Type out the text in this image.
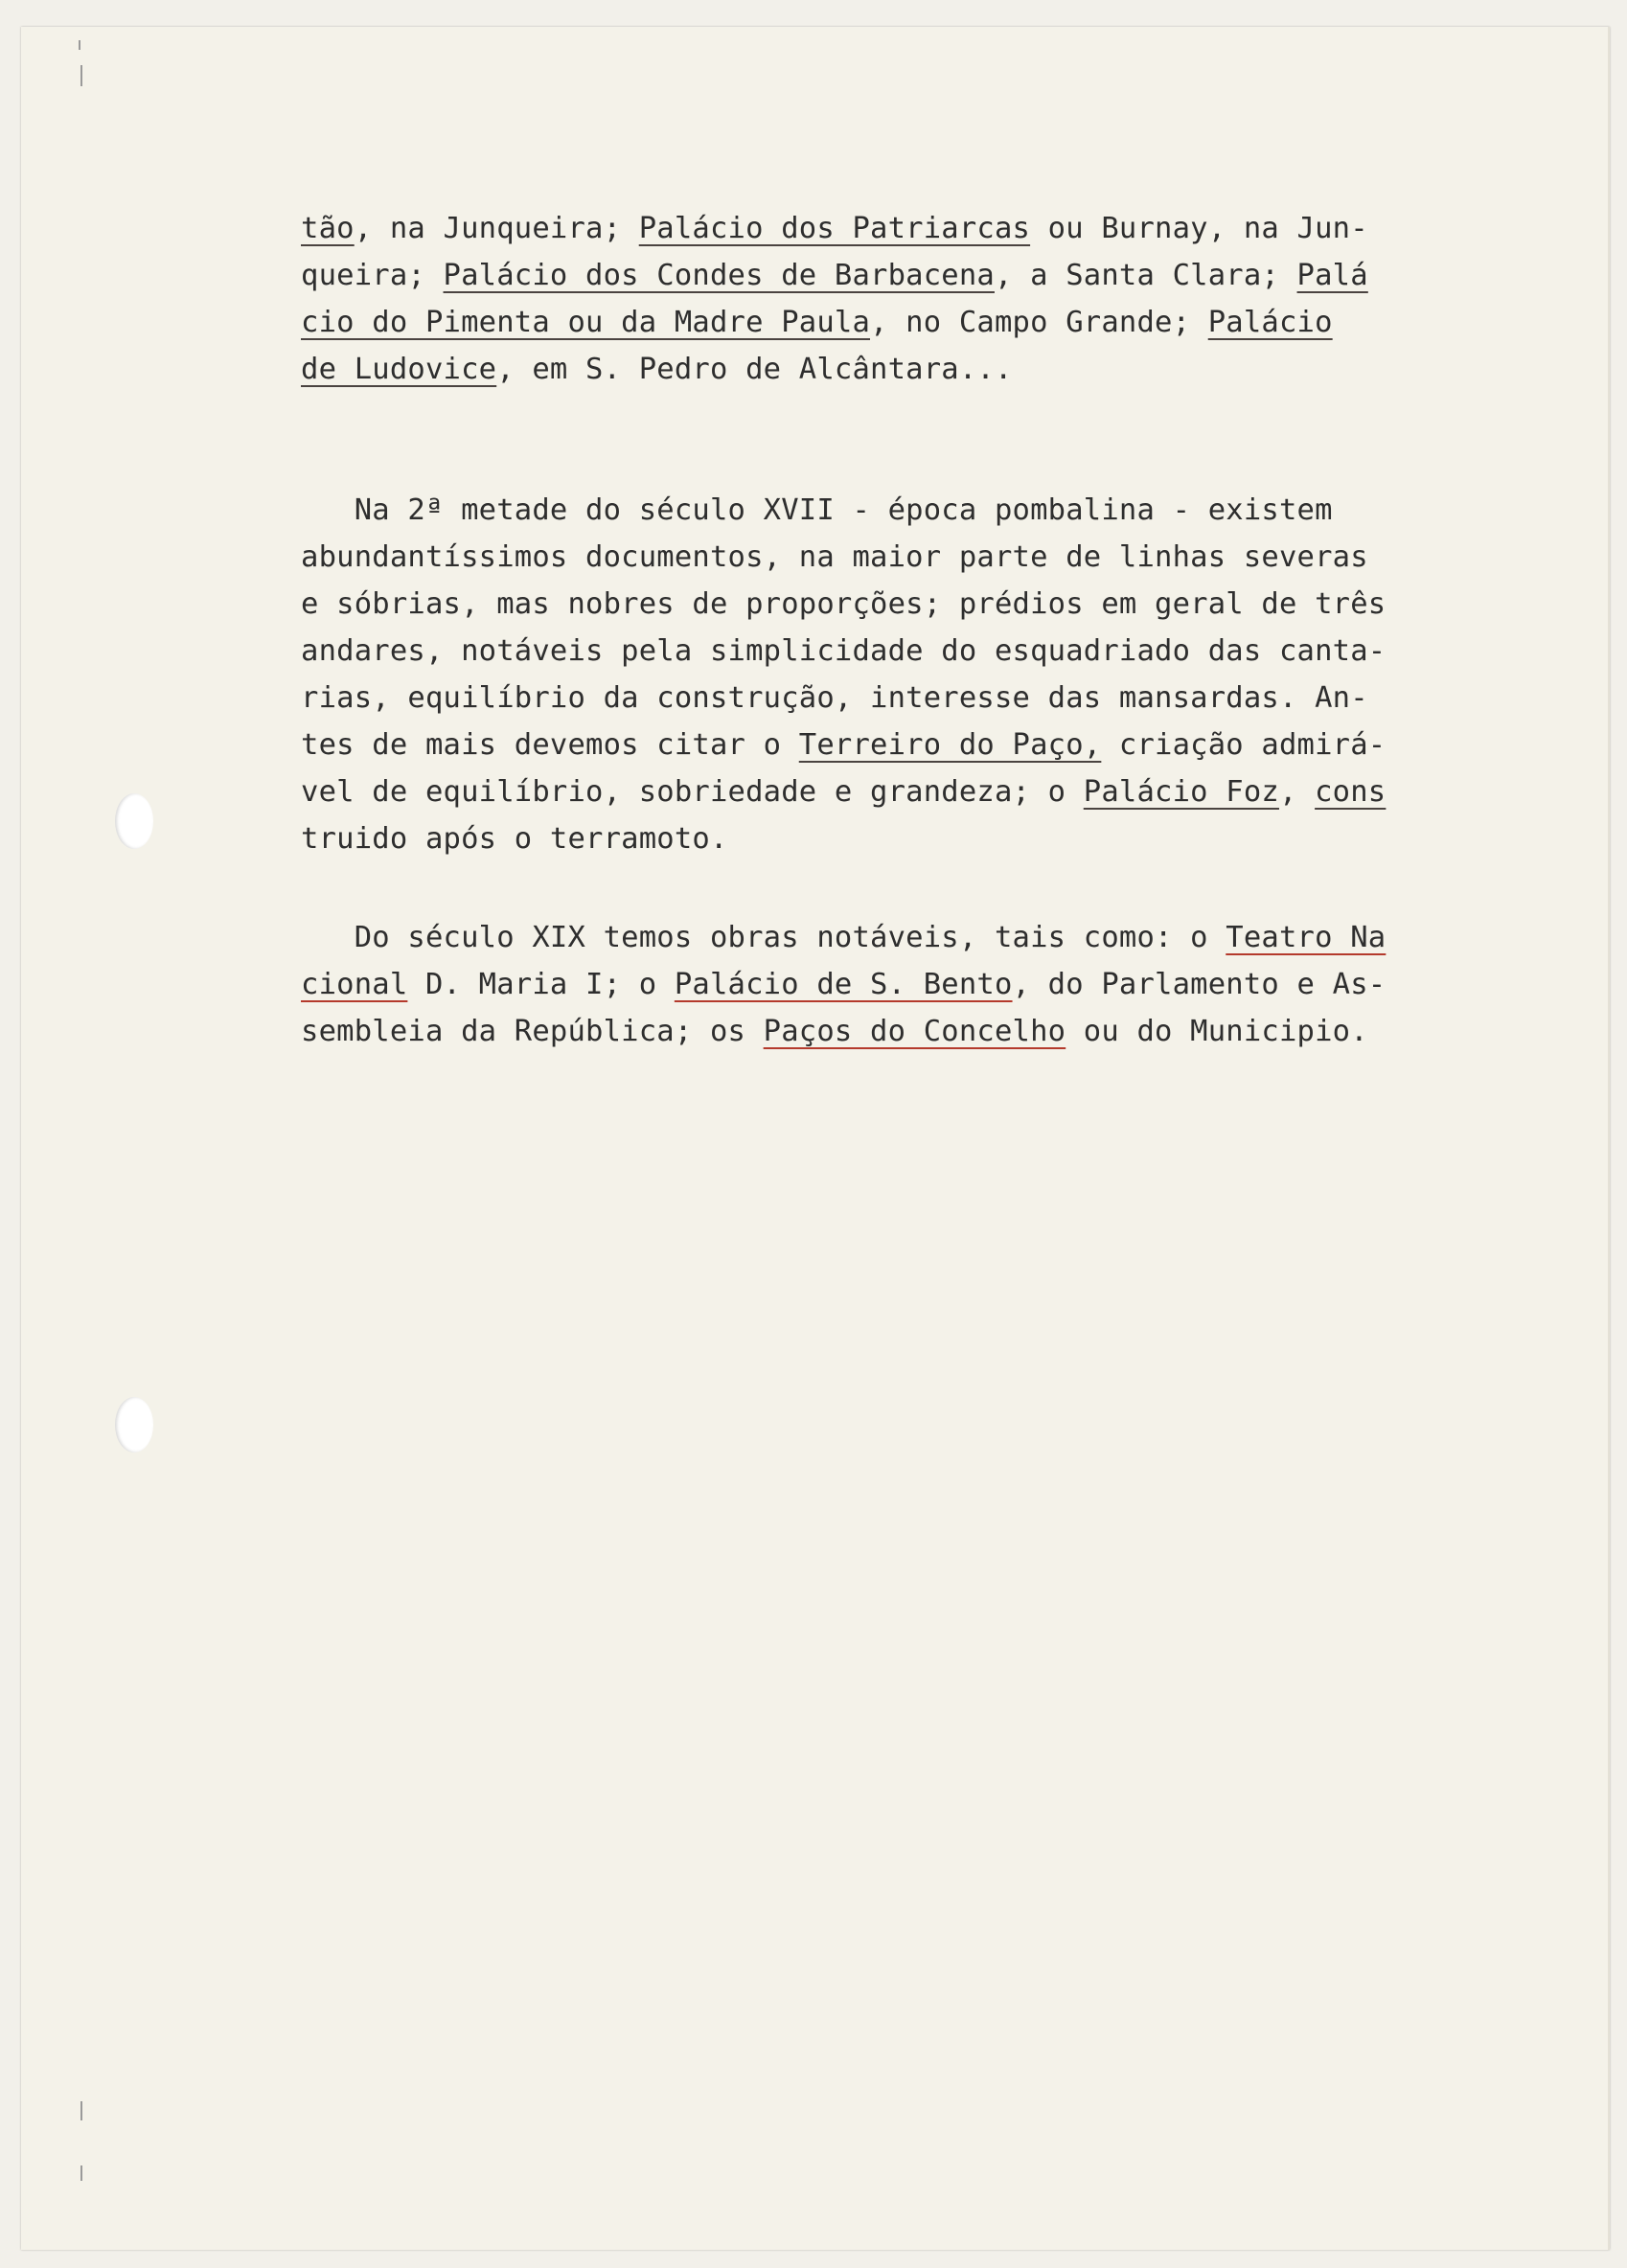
tão, na Junqueira; Palácio dos Patriarcas ou Burnay, na Jun-
queira; Palácio dos Condes de Barbacena, a Santa Clara; Palá
cio do Pimenta ou da Madre Paula, no Campo Grande; Palácio
de Ludovice, em S. Pedro de Alcântara...
Na 2ª metade do século XVII - época pombalina - existem
abundantíssimos documentos, na maior parte de linhas severas
e sóbrias, mas nobres de proporções; prédios em geral de três
andares, notáveis pela simplicidade do esquadriado das canta-
rias, equilíbrio da construção, interesse das mansardas. An-
tes de mais devemos citar o Terreiro do Paço, criação admirá-
vel de equilíbrio, sobriedade e grandeza; o Palácio Foz, cons
truido após o terramoto.
Do século XIX temos obras notáveis, tais como: o Teatro Na
cional D. Maria I; o Palácio de S. Bento, do Parlamento e As-
sembleia da República; os Paços do Concelho ou do Municipio.
